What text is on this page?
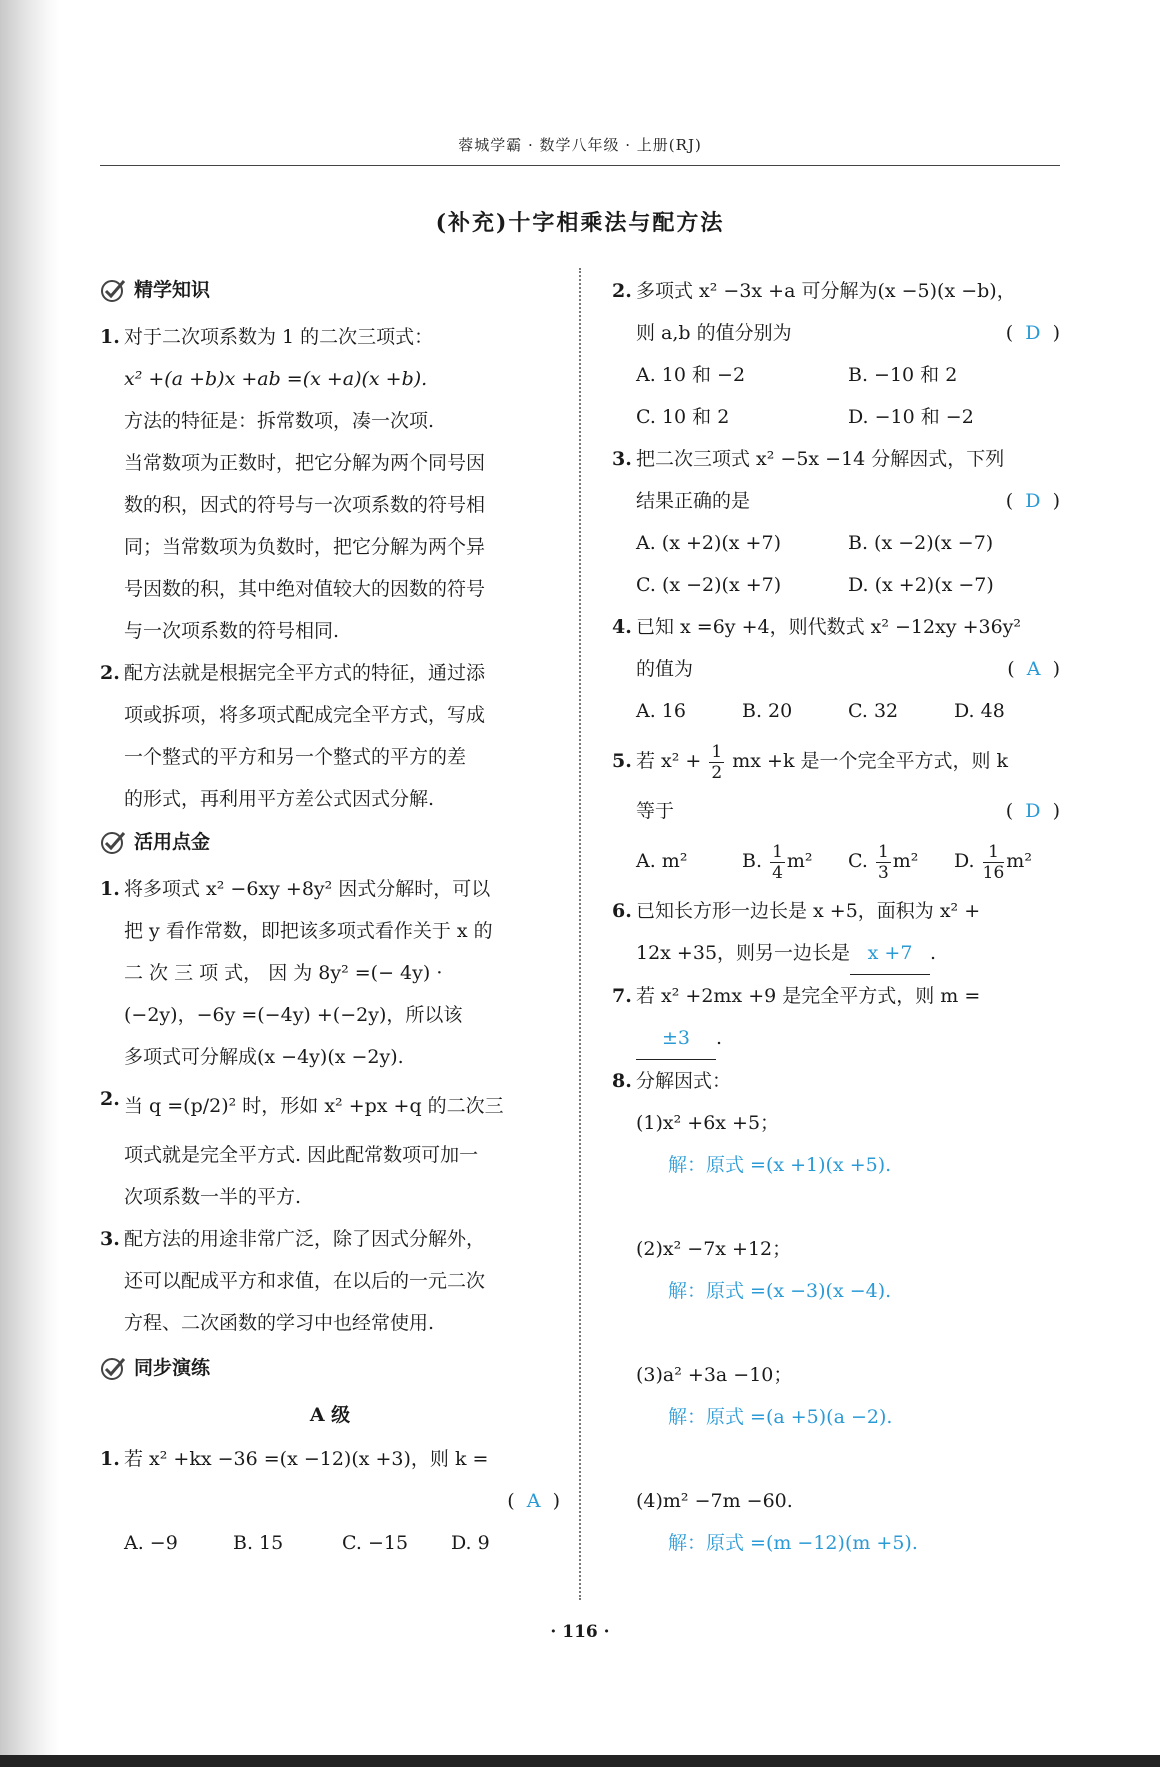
蓉城学霸 · 数学八年级 · 上册(RJ)
(补充)十字相乘法与配方法
精学知识
1. 对于二次项系数为 1 的二次三项式：
x² +(a +b)x +ab =(x +a)(x +b).
方法的特征是：拆常数项，凑一次项.
当常数项为正数时，把它分解为两个同号因
数的积，因式的符号与一次项系数的符号相
同；当常数项为负数时，把它分解为两个异
号因数的积，其中绝对值较大的因数的符号
与一次项系数的符号相同.
2. 配方法就是根据完全平方式的特征，通过添
项或拆项，将多项式配成完全平方式，写成
一个整式的平方和另一个整式的平方的差
的形式，再利用平方差公式因式分解.
活用点金
1. 将多项式 x² −6xy +8y² 因式分解时，可以
把 y 看作常数，即把该多项式看作关于 x 的
二 次 三 项 式， 因 为 8y² =(− 4y) ·
(−2y)，−6y =(−4y) +(−2y)，所以该
多项式可分解成(x −4y)(x −2y).
2. 当 q =(p/2)² 时，形如 x² +px +q 的二次三
项式就是完全平方式. 因此配常数项可加一
次项系数一半的平方.
3. 配方法的用途非常广泛，除了因式分解外，
还可以配成平方和求值，在以后的一元二次
方程、二次函数的学习中也经常使用.
同步演练
A 级
1. 若 x² +kx −36 =(x −12)(x +3)，则 k =
(  A  )
A. −9	B. 15	C. −15	D. 9
2. 多项式 x² −3x +a 可分解为(x −5)(x −b)，
则 a,b 的值分别为	(  D  )
A. 10 和 −2	B. −10 和 2
C. 10 和 2	D. −10 和 −2
3. 把二次三项式 x² −5x −14 分解因式，下列
结果正确的是	(  D  )
A. (x +2)(x +7)	B. (x −2)(x −7)
C. (x −2)(x +7)	D. (x +2)(x −7)
4. 已知 x =6y +4，则代数式 x² −12xy +36y²
的值为	(  A  )
A. 16	B. 20	C. 32	D. 48
5. 若 $x^2 + \frac{1}{2}$ mx +k 是一个完全平方式，则 k
等于	(  D  )
A. m²	B. $\frac{1}{4} m^2$	C. $\frac{1}{3} m^2$	D. $\frac{1}{16} m^2$
6. 已知长方形一边长是 x +5，面积为 x² +
12x +35，则另一边长是 x +7 .
7. 若 x² +2mx +9 是完全平方式，则 m =
±3 .
8. 分解因式：
(1)x² +6x +5；
解：原式 =(x +1)(x +5).
(2)x² −7x +12；
解：原式 =(x −3)(x −4).
(3)a² +3a −10；
解：原式 =(a +5)(a −2).
(4)m² −7m −60.
解：原式 =(m −12)(m +5).
· 116 ·
